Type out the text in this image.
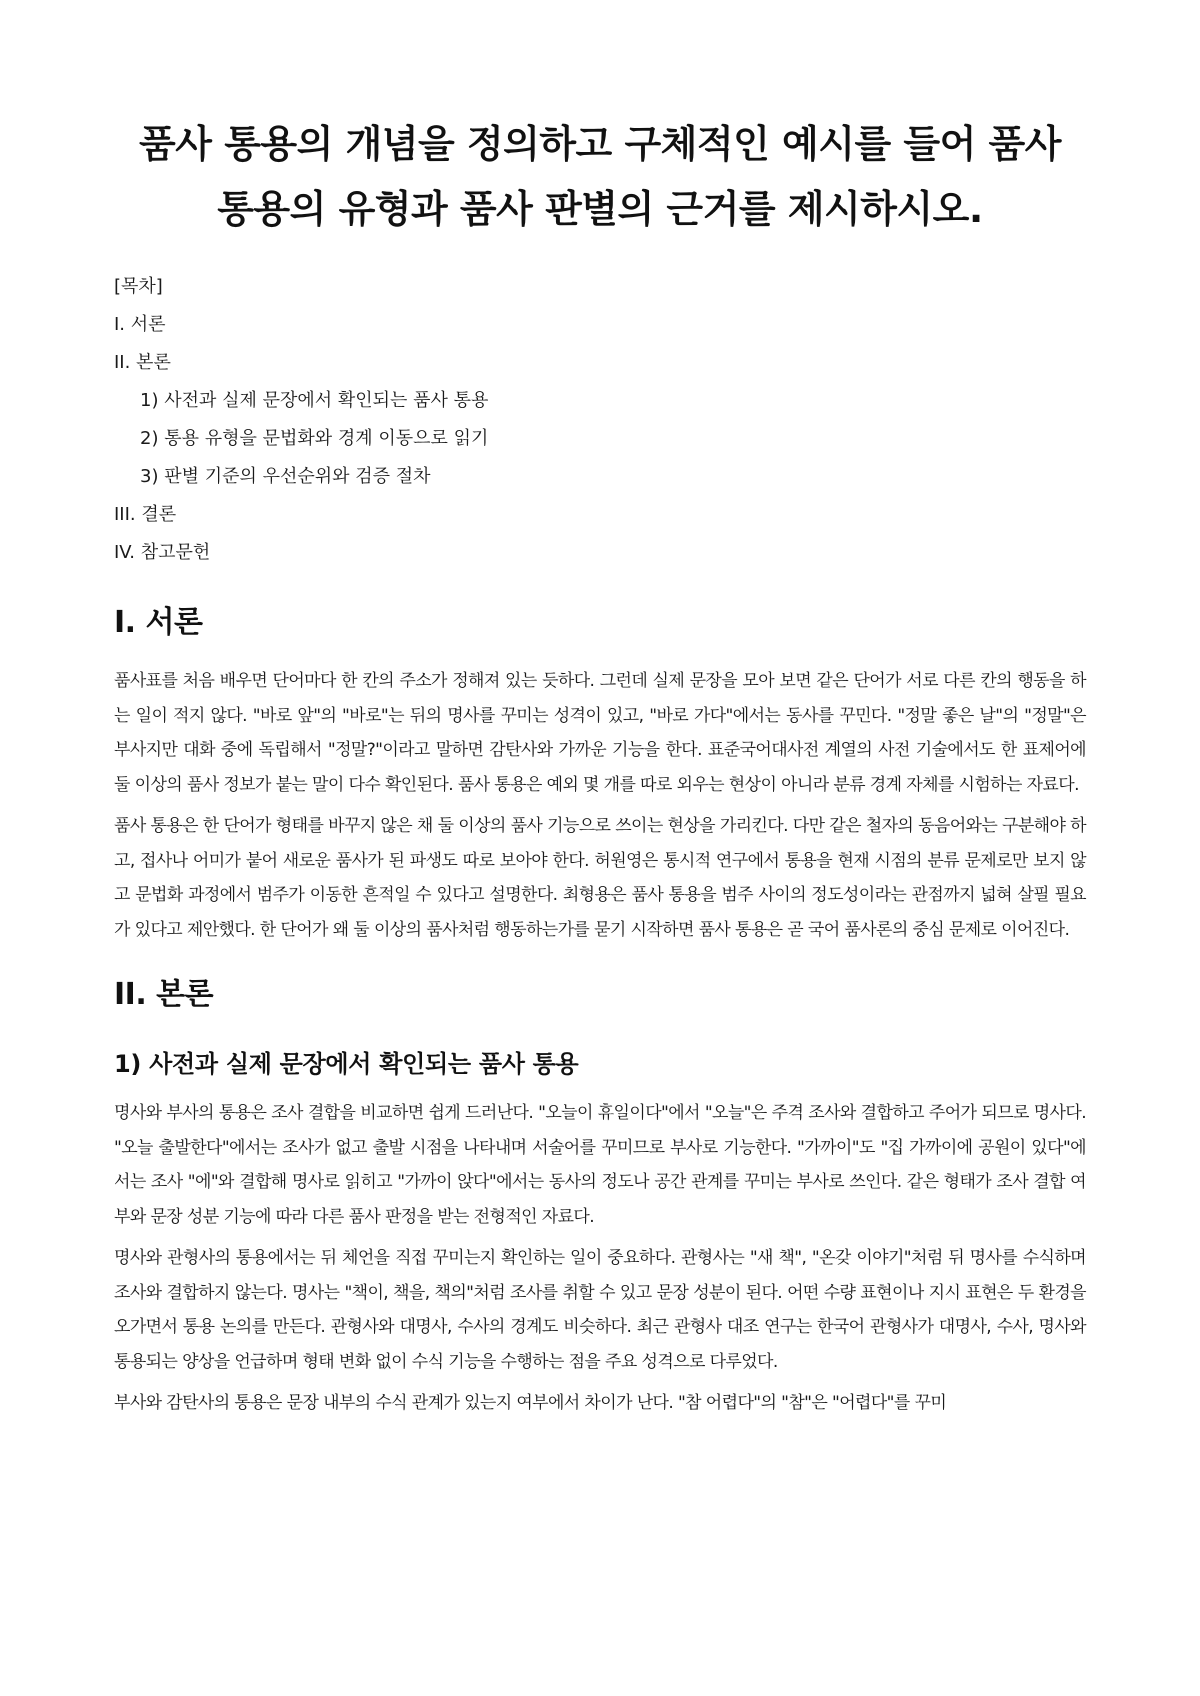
품사 통용의 개념을 정의하고 구체적인 예시를 들어 품사 통용의 유형과 품사 판별의 근거를 제시하시오.
[목차]
I. 서론
II. 본론
1) 사전과 실제 문장에서 확인되는 품사 통용
2) 통용 유형을 문법화와 경계 이동으로 읽기
3) 판별 기준의 우선순위와 검증 절차
III. 결론
IV. 참고문헌
I. 서론

품사표를 처음 배우면 단어마다 한 칸의 주소가 정해져 있는 듯하다. 그런데 실제 문장을 모아 보면 같은 단어가 서로 다른 칸의 행동을 하는 일이 적지 않다. "바로 앞"의 "바로"는 뒤의 명사를 꾸미는 성격이 있고, "바로 가다"에서는 동사를 꾸민다. "정말 좋은 날"의 "정말"은 부사지만 대화 중에 독립해서 "정말?"이라고 말하면 감탄사와 가까운 기능을 한다. 표준국어대사전 계열의 사전 기술에서도 한 표제어에 둘 이상의 품사 정보가 붙는 말이 다수 확인된다. 품사 통용은 예외 몇 개를 따로 외우는 현상이 아니라 분류 경계 자체를 시험하는 자료다.

품사 통용은 한 단어가 형태를 바꾸지 않은 채 둘 이상의 품사 기능으로 쓰이는 현상을 가리킨다. 다만 같은 철자의 동음어와는 구분해야 하고, 접사나 어미가 붙어 새로운 품사가 된 파생도 따로 보아야 한다. 허원영은 통시적 연구에서 통용을 현재 시점의 분류 문제로만 보지 않고 문법화 과정에서 범주가 이동한 흔적일 수 있다고 설명한다. 최형용은 품사 통용을 범주 사이의 정도성이라는 관점까지 넓혀 살필 필요가 있다고 제안했다. 한 단어가 왜 둘 이상의 품사처럼 행동하는가를 묻기 시작하면 품사 통용은 곧 국어 품사론의 중심 문제로 이어진다.

II. 본론
1) 사전과 실제 문장에서 확인되는 품사 통용

명사와 부사의 통용은 조사 결합을 비교하면 쉽게 드러난다. "오늘이 휴일이다"에서 "오늘"은 주격 조사와 결합하고 주어가 되므로 명사다. "오늘 출발한다"에서는 조사가 없고 출발 시점을 나타내며 서술어를 꾸미므로 부사로 기능한다. "가까이"도 "집 가까이에 공원이 있다"에서는 조사 "에"와 결합해 명사로 읽히고 "가까이 앉다"에서는 동사의 정도나 공간 관계를 꾸미는 부사로 쓰인다. 같은 형태가 조사 결합 여부와 문장 성분 기능에 따라 다른 품사 판정을 받는 전형적인 자료다.

명사와 관형사의 통용에서는 뒤 체언을 직접 꾸미는지 확인하는 일이 중요하다. 관형사는 "새 책", "온갖 이야기"처럼 뒤 명사를 수식하며 조사와 결합하지 않는다. 명사는 "책이, 책을, 책의"처럼 조사를 취할 수 있고 문장 성분이 된다. 어떤 수량 표현이나 지시 표현은 두 환경을 오가면서 통용 논의를 만든다. 관형사와 대명사, 수사의 경계도 비슷하다. 최근 관형사 대조 연구는 한국어 관형사가 대명사, 수사, 명사와 통용되는 양상을 언급하며 형태 변화 없이 수식 기능을 수행하는 점을 주요 성격으로 다루었다.

부사와 감탄사의 통용은 문장 내부의 수식 관계가 있는지 여부에서 차이가 난다. "참 어렵다"의 "참"은 "어렵다"를 꾸미
